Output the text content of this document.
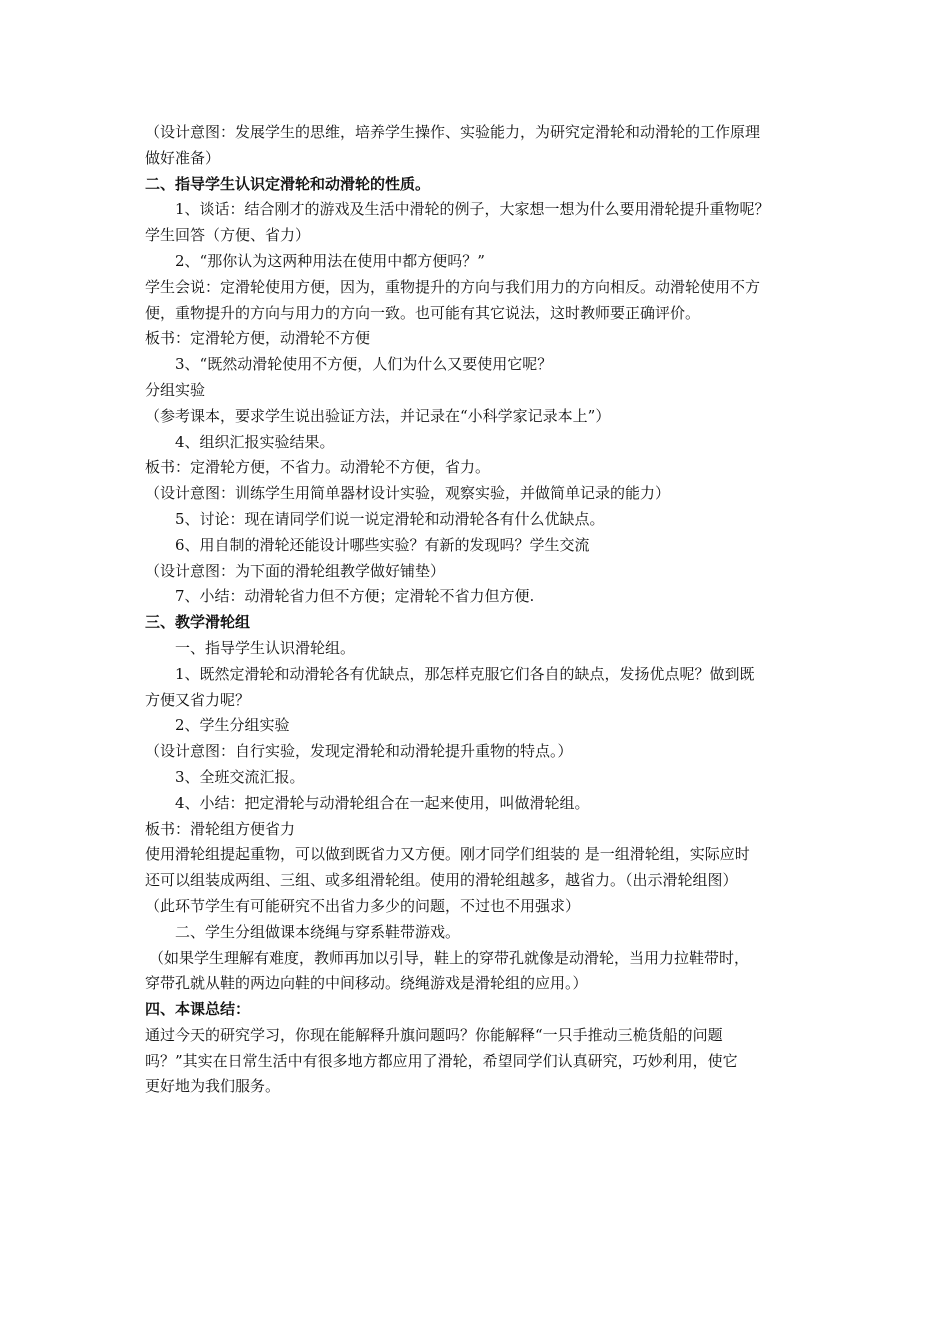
（设计意图：发展学生的思维，培养学生操作、实验能力，为研究定滑轮和动滑轮的工作原理
做好准备）
二、指导学生认识定滑轮和动滑轮的性质。
1、谈话：结合刚才的游戏及生活中滑轮的例子，大家想一想为什么要用滑轮提升重物呢？
学生回答（方便、省力）
2、“那你认为这两种用法在使用中都方便吗？”
学生会说：定滑轮使用方便，因为，重物提升的方向与我们用力的方向相反。动滑轮使用不方
便，重物提升的方向与用力的方向一致。也可能有其它说法，这时教师要正确评价。
板书：定滑轮方便，动滑轮不方便
3、“既然动滑轮使用不方便，人们为什么又要使用它呢？
分组实验
（参考课本，要求学生说出验证方法，并记录在“小科学家记录本上”）
4、组织汇报实验结果。
板书：定滑轮方便，不省力。动滑轮不方便，省力。
（设计意图：训练学生用简单器材设计实验，观察实验，并做简单记录的能力）
5、讨论：现在请同学们说一说定滑轮和动滑轮各有什么优缺点。
6、用自制的滑轮还能设计哪些实验？有新的发现吗？学生交流
（设计意图：为下面的滑轮组教学做好铺垫）
7、小结：动滑轮省力但不方便；定滑轮不省力但方便.
三、教学滑轮组
一、指导学生认识滑轮组。
1、既然定滑轮和动滑轮各有优缺点，那怎样克服它们各自的缺点，发扬优点呢？做到既
方便又省力呢？
2、学生分组实验
（设计意图：自行实验，发现定滑轮和动滑轮提升重物的特点。）
3、全班交流汇报。
4、小结：把定滑轮与动滑轮组合在一起来使用，叫做滑轮组。
板书：滑轮组方便省力
使用滑轮组提起重物，可以做到既省力又方便。刚才同学们组装的 是一组滑轮组，实际应时
还可以组装成两组、三组、或多组滑轮组。使用的滑轮组越多，越省力。（出示滑轮组图）
（此环节学生有可能研究不出省力多少的问题，不过也不用强求）
二、学生分组做课本绕绳与穿系鞋带游戏。
（如果学生理解有难度，教师再加以引导，鞋上的穿带孔就像是动滑轮，当用力拉鞋带时，
穿带孔就从鞋的两边向鞋的中间移动。绕绳游戏是滑轮组的应用。）
四、本课总结：
通过今天的研究学习，你现在能解释升旗问题吗？你能解释“一只手推动三桅货船的问题
吗？”其实在日常生活中有很多地方都应用了滑轮，希望同学们认真研究，巧妙利用，使它
更好地为我们服务。
